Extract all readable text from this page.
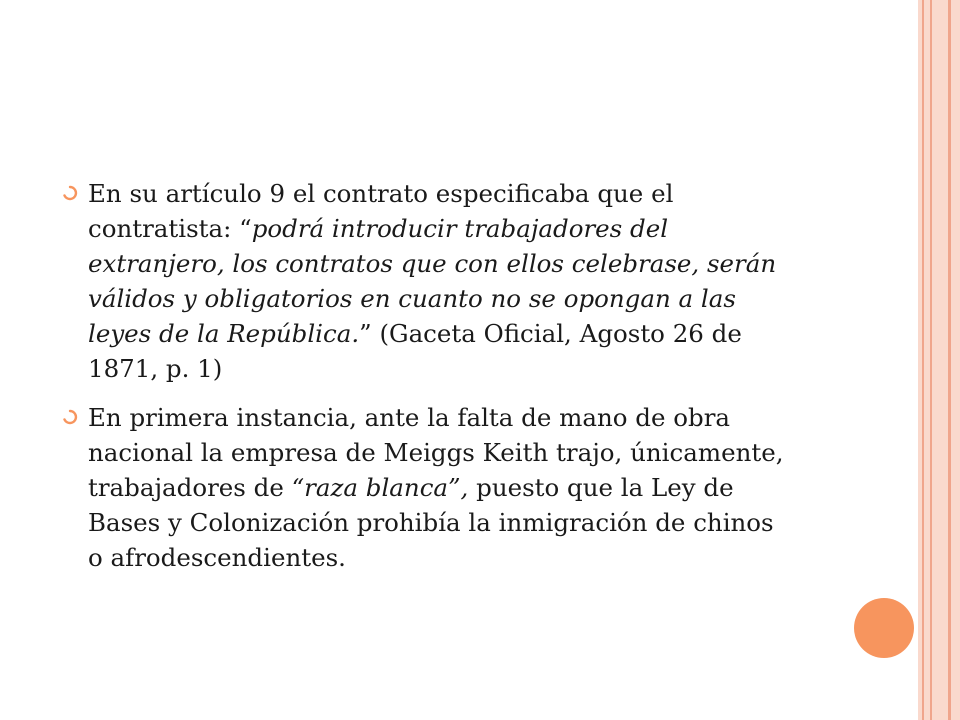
En su artículo 9 el contrato especificaba que el contratista: “podrá introducir trabajadores del extranjero, los contratos que con ellos celebrase, serán válidos y obligatorios en cuanto no se opongan a las leyes de la República.” (Gaceta Oficial, Agosto 26 de 1871, p. 1)
En primera instancia, ante la falta de mano de obra nacional la empresa de Meiggs Keith trajo, únicamente, trabajadores de “raza blanca”, puesto que la Ley de Bases y Colonización prohibía la inmigración de chinos o afrodescendientes.
